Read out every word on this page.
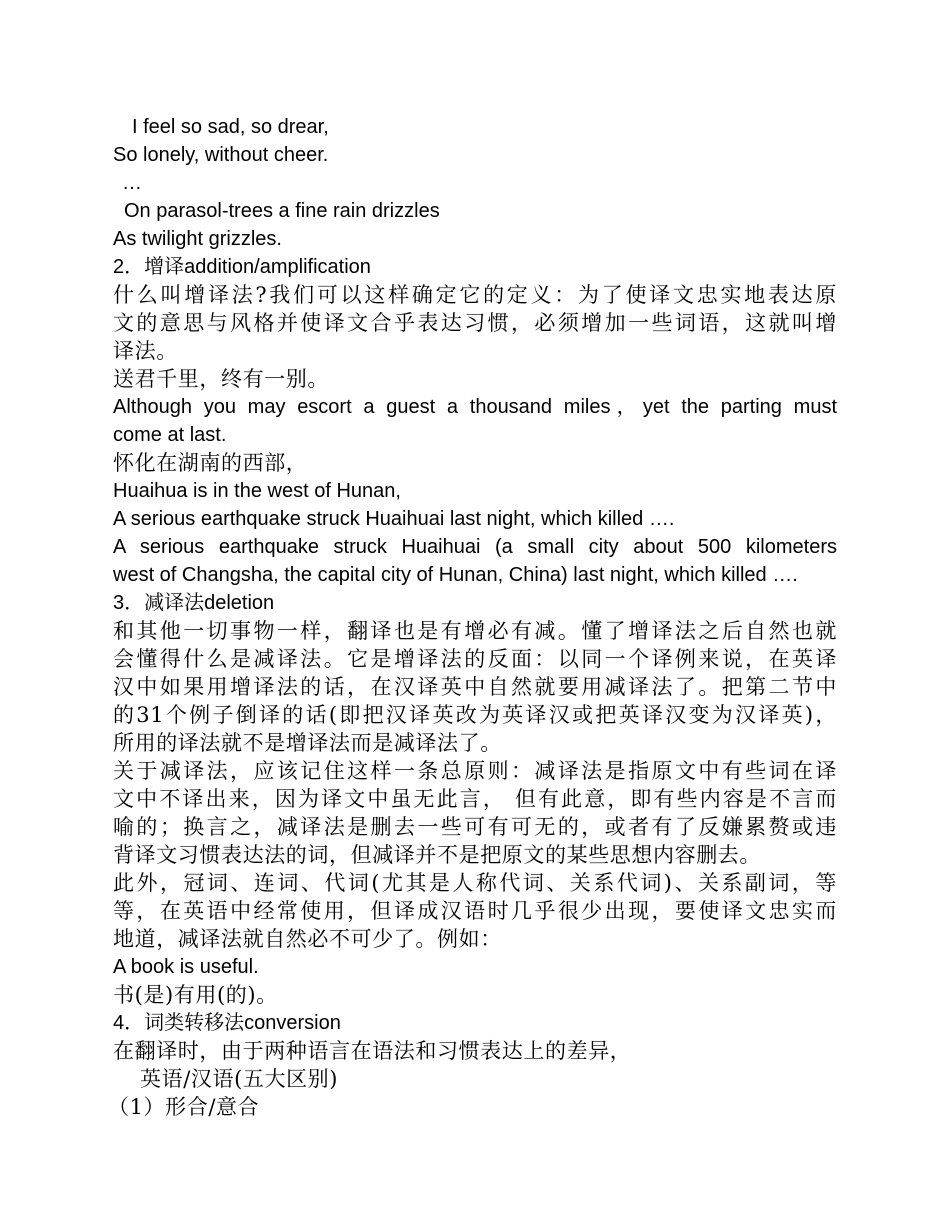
I feel so sad, so drear,

So lonely, without cheer.

…

On parasol-trees a fine rain drizzles

As twilight grizzles.

2．增译addition/amplification

什么叫增译法?我们可以这样确定它的定义：为了使译文忠实地表达原

文的意思与风格并使译文合乎表达习惯，必须增加一些词语，这就叫增

译法。

送君千里，终有一别。

Although you may escort a guest a thousand miles，yet the parting must

come at last.

怀化在湖南的西部，

Huaihua is in the west of Hunan,

A serious earthquake struck Huaihuai last night, which killed ….

A serious earthquake struck Huaihuai (a small city about 500 kilometers

west of Changsha, the capital city of Hunan, China) last night, which killed ….

3．减译法deletion

和其他一切事物一样，翻译也是有增必有减。懂了增译法之后自然也就

会懂得什么是减译法。它是增译法的反面：以同一个译例来说，在英译

汉中如果用增译法的话，在汉译英中自然就要用减译法了。把第二节中

的31个例子倒译的话(即把汉译英改为英译汉或把英译汉变为汉译英)，

所用的译法就不是增译法而是减译法了。

关于减译法，应该记住这样一条总原则：减译法是指原文中有些词在译

文中不译出来，因为译文中虽无此言， 但有此意，即有些内容是不言而

喻的；换言之，减译法是删去一些可有可无的，或者有了反嫌累赘或违

背译文习惯表达法的词，但减译并不是把原文的某些思想内容删去。

此外，冠词、连词、代词(尤其是人称代词、关系代词)、关系副词，等

等，在英语中经常使用，但译成汉语时几乎很少出现，要使译文忠实而

地道，减译法就自然必不可少了。例如：

A book is useful.

书(是)有用(的)。

4．词类转移法conversion

在翻译时，由于两种语言在语法和习惯表达上的差异，

英语/汉语(五大区别)

（1）形合/意合
